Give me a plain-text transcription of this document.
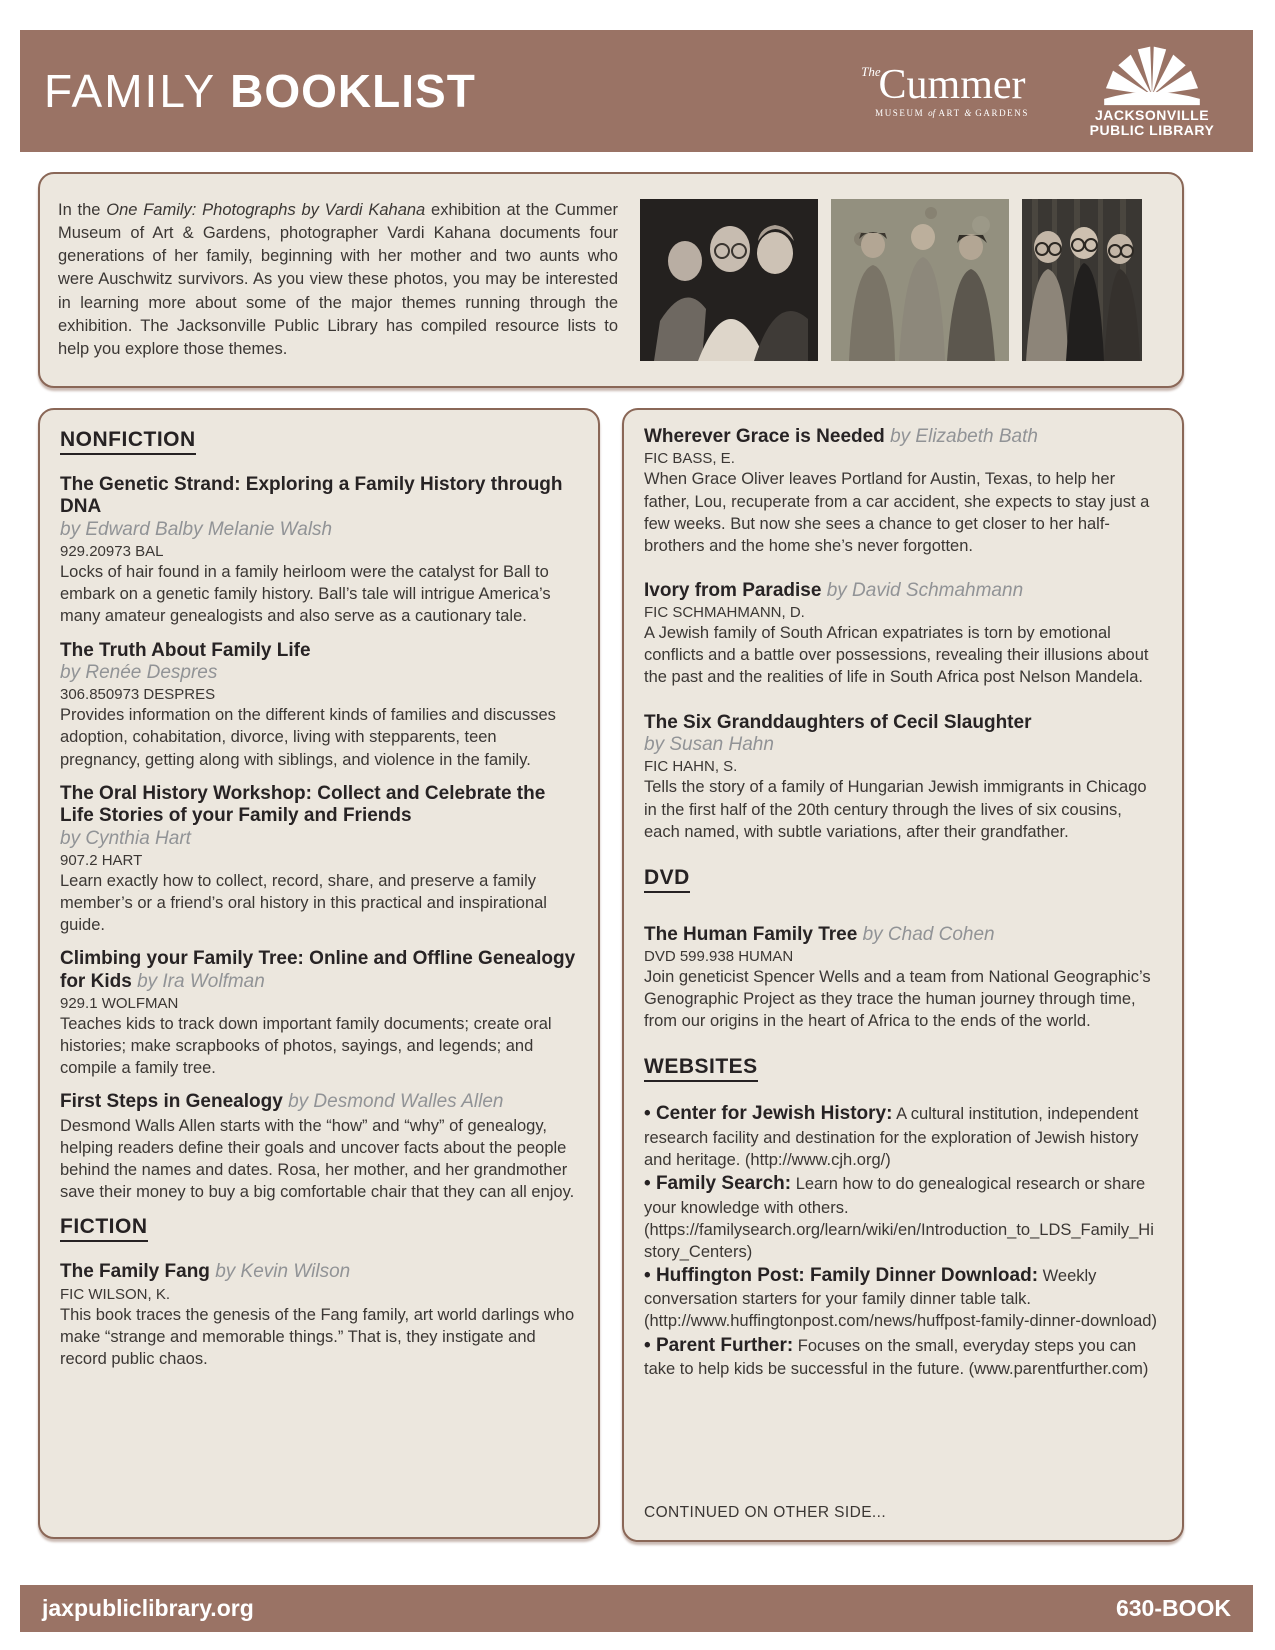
FAMILY BOOKLIST	The
Cummer
MUSEUM of ART & GARDENS	JACKSONVILLE
PUBLIC LIBRARY

In the One Family: Photographs by Vardi Kahana exhibition at the Cummer Museum of Art & Gardens, photographer Vardi Kahana documents four generations of her family, beginning with her mother and two aunts who were Auschwitz survivors. As you view these photos, you may be interested in learning more about some of the major themes running through the exhibition. The Jacksonville Public Library has compiled resource lists to help you explore those themes.

NONFICTION
The Genetic Strand: Exploring a Family History through DNA
by Edward Balby Melanie Walsh
929.20973 BAL

Locks of hair found in a family heirloom were the catalyst for Ball to embark on a genetic family history. Ball’s tale will intrigue America’s many amateur genealogists and also serve as a cautionary tale.

The Truth About Family Life
by Renée Despres
306.850973 DESPRES

Provides information on the different kinds of families and discusses adoption, cohabitation, divorce, living with stepparents, teen pregnancy, getting along with siblings, and violence in the family.

The Oral History Workshop: Collect and Celebrate the Life Stories of your Family and Friends
by Cynthia Hart
907.2 HART

Learn exactly how to collect, record, share, and preserve a family member’s or a friend’s oral history in this practical and inspirational guide.

Climbing your Family Tree: Online and Offline Genealogy for Kids by Ira Wolfman
929.1 WOLFMAN

Teaches kids to track down important family documents; create oral histories; make scrapbooks of photos, sayings, and legends; and compile a family tree.

First Steps in Genealogy by Desmond Walles Allen

Desmond Walls Allen starts with the “how” and “why” of genealogy, helping readers define their goals and uncover facts about the people behind the names and dates. Rosa, her mother, and her grandmother save their money to buy a big comfortable chair that they can all enjoy.

FICTION
The Family Fang by Kevin Wilson
FIC WILSON, K.

This book traces the genesis of the Fang family, art world darlings who make “strange and memorable things.” That is, they instigate and record public chaos.

Wherever Grace is Needed by Elizabeth Bath
FIC BASS, E.

When Grace Oliver leaves Portland for Austin, Texas, to help her father, Lou, recuperate from a car accident, she expects to stay just a few weeks. But now she sees a chance to get closer to her half-brothers and the home she’s never forgotten.

Ivory from Paradise by David Schmahmann
FIC SCHMAHMANN, D.

A Jewish family of South African expatriates is torn by emotional conflicts and a battle over possessions, revealing their illusions about the past and the realities of life in South Africa post Nelson Mandela.

The Six Granddaughters of Cecil Slaughter
by Susan Hahn
FIC HAHN, S.

Tells the story of a family of Hungarian Jewish immigrants in Chicago in the first half of the 20th century through the lives of six cousins, each named, with subtle variations, after their grandfather.

DVD
The Human Family Tree by Chad Cohen
DVD 599.938 HUMAN

Join geneticist Spencer Wells and a team from National Geographic’s Genographic Project as they trace the human journey through time, from our origins in the heart of Africa to the ends of the world.

WEBSITES

• Center for Jewish History: A cultural institution, independent research facility and destination for the exploration of Jewish history and heritage. (http://www.cjh.org/)

• Family Search: Learn how to do genealogical research or share your knowledge with others. (https://familysearch.org/learn/wiki/en/Introduction_to_LDS_Family_History_Centers)

• Huffington Post: Family Dinner Download: Weekly conversation starters for your family dinner table talk. (http://www.huffingtonpost.com/news/huffpost-family-dinner-download)

• Parent Further: Focuses on the small, everyday steps you can take to help kids be successful in the future. (www.parentfurther.com)

CONTINUED ON OTHER SIDE...
jaxpubliclibrary.org	630-BOOK
